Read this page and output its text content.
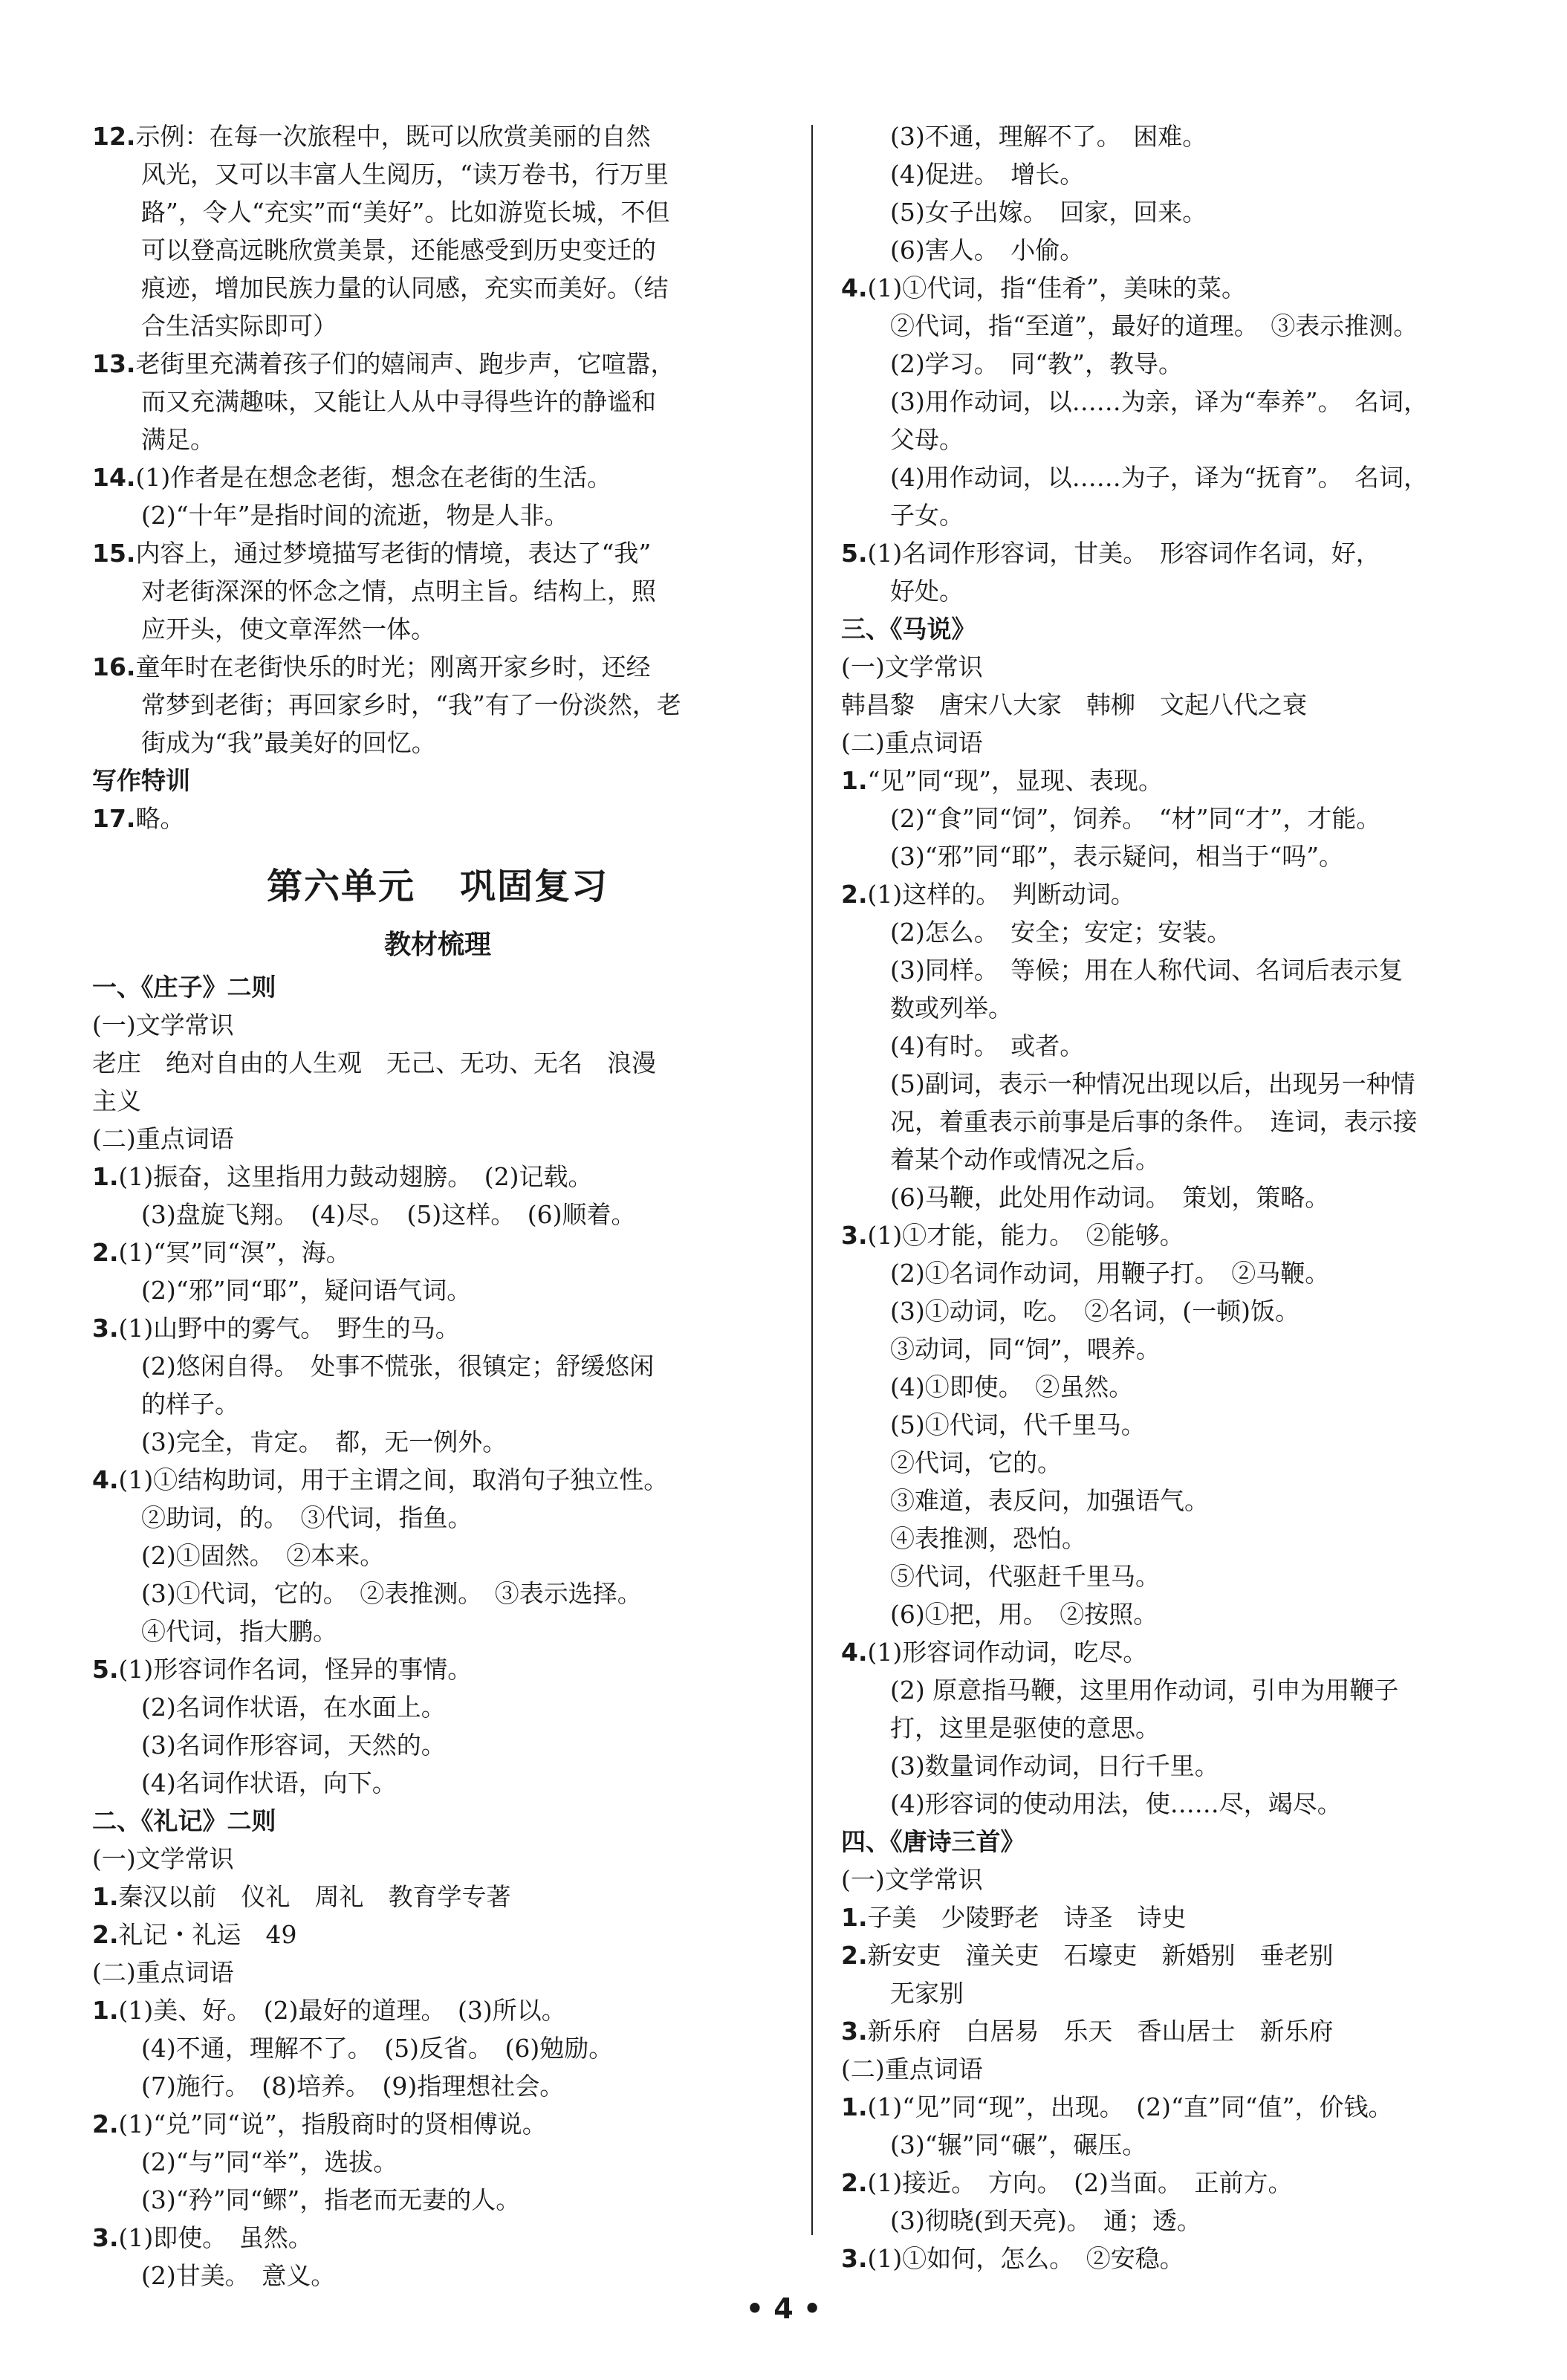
12.示例：在每一次旅程中，既可以欣赏美丽的自然
风光，又可以丰富人生阅历，“读万卷书，行万里
路”，令人“充实”而“美好”。比如游览长城，不但
可以登高远眺欣赏美景，还能感受到历史变迁的
痕迹，增加民族力量的认同感，充实而美好。（结
合生活实际即可）
13.老街里充满着孩子们的嬉闹声、跑步声，它喧嚣，
而又充满趣味，又能让人从中寻得些许的静谧和
满足。
14.(1)作者是在想念老街，想念在老街的生活。
(2)“十年”是指时间的流逝，物是人非。
15.内容上，通过梦境描写老街的情境，表达了“我”
对老街深深的怀念之情，点明主旨。结构上，照
应开头，使文章浑然一体。
16.童年时在老街快乐的时光；刚离开家乡时，还经
常梦到老街；再回家乡时，“我”有了一份淡然，老
街成为“我”最美好的回忆。
写作特训
17.略。
第六单元 巩固复习
教材梳理
一、《庄子》二则
(一)文学常识
老庄　绝对自由的人生观　无己、无功、无名　浪漫
主义
(二)重点词语
1.(1)振奋，这里指用力鼓动翅膀。　(2)记载。
(3)盘旋飞翔。　(4)尽。　(5)这样。　(6)顺着。
2.(1)“冥”同“溟”，海。
(2)“邪”同“耶”，疑问语气词。
3.(1)山野中的雾气。　野生的马。
(2)悠闲自得。　处事不慌张，很镇定；舒缓悠闲
的样子。
(3)完全，肯定。　都，无一例外。
4.(1)①结构助词，用于主谓之间，取消句子独立性。
②助词，的。　③代词，指鱼。
(2)①固然。　②本来。
(3)①代词，它的。　②表推测。　③表示选择。
④代词，指大鹏。
5.(1)形容词作名词，怪异的事情。
(2)名词作状语，在水面上。
(3)名词作形容词，天然的。
(4)名词作状语，向下。
二、《礼记》二则
(一)文学常识
1.秦汉以前　仪礼　周礼　教育学专著
2.礼记・礼运　49
(二)重点词语
1.(1)美、好。　(2)最好的道理。　(3)所以。
(4)不通，理解不了。　(5)反省。　(6)勉励。
(7)施行。　(8)培养。　(9)指理想社会。
2.(1)“兑”同“说”，指殷商时的贤相傅说。
(2)“与”同“举”，选拔。
(3)“矜”同“鳏”，指老而无妻的人。
3.(1)即使。　虽然。
(2)甘美。　意义。
(3)不通，理解不了。　困难。
(4)促进。　增长。
(5)女子出嫁。　回家，回来。
(6)害人。　小偷。
4.(1)①代词，指“佳肴”，美味的菜。
②代词，指“至道”，最好的道理。　③表示推测。
(2)学习。　同“教”，教导。
(3)用作动词，以……为亲，译为“奉养”。　名词，
父母。
(4)用作动词，以……为子，译为“抚育”。　名词，
子女。
5.(1)名词作形容词，甘美。　形容词作名词，好，
好处。
三、《马说》
(一)文学常识
韩昌黎　唐宋八大家　韩柳　文起八代之衰
(二)重点词语
1.“见”同“现”，显现、表现。
(2)“食”同“饲”，饲养。　“材”同“才”，才能。
(3)“邪”同“耶”，表示疑问，相当于“吗”。
2.(1)这样的。　判断动词。
(2)怎么。　安全；安定；安装。
(3)同样。　等候；用在人称代词、名词后表示复
数或列举。
(4)有时。　或者。
(5)副词，表示一种情况出现以后，出现另一种情
况，着重表示前事是后事的条件。　连词，表示接
着某个动作或情况之后。
(6)马鞭，此处用作动词。　策划，策略。
3.(1)①才能，能力。　②能够。
(2)①名词作动词，用鞭子打。　②马鞭。
(3)①动词，吃。　②名词，(一顿)饭。
③动词，同“饲”，喂养。
(4)①即使。　②虽然。
(5)①代词，代千里马。
②代词，它的。
③难道，表反问，加强语气。
④表推测，恐怕。
⑤代词，代驱赶千里马。
(6)①把，用。　②按照。
4.(1)形容词作动词，吃尽。
(2) 原意指马鞭，这里用作动词，引申为用鞭子
打，这里是驱使的意思。
(3)数量词作动词，日行千里。
(4)形容词的使动用法，使……尽，竭尽。
四、《唐诗三首》
(一)文学常识
1.子美　少陵野老　诗圣　诗史
2.新安吏　潼关吏　石壕吏　新婚别　垂老别
无家别
3.新乐府　白居易　乐天　香山居士　新乐府
(二)重点词语
1.(1)“见”同“现”，出现。　(2)“直”同“值”，价钱。
(3)“辗”同“碾”，碾压。
2.(1)接近。　方向。　(2)当面。　正前方。
(3)彻晓(到天亮)。　通；透。
3.(1)①如何，怎么。　②安稳。
• 4 •
